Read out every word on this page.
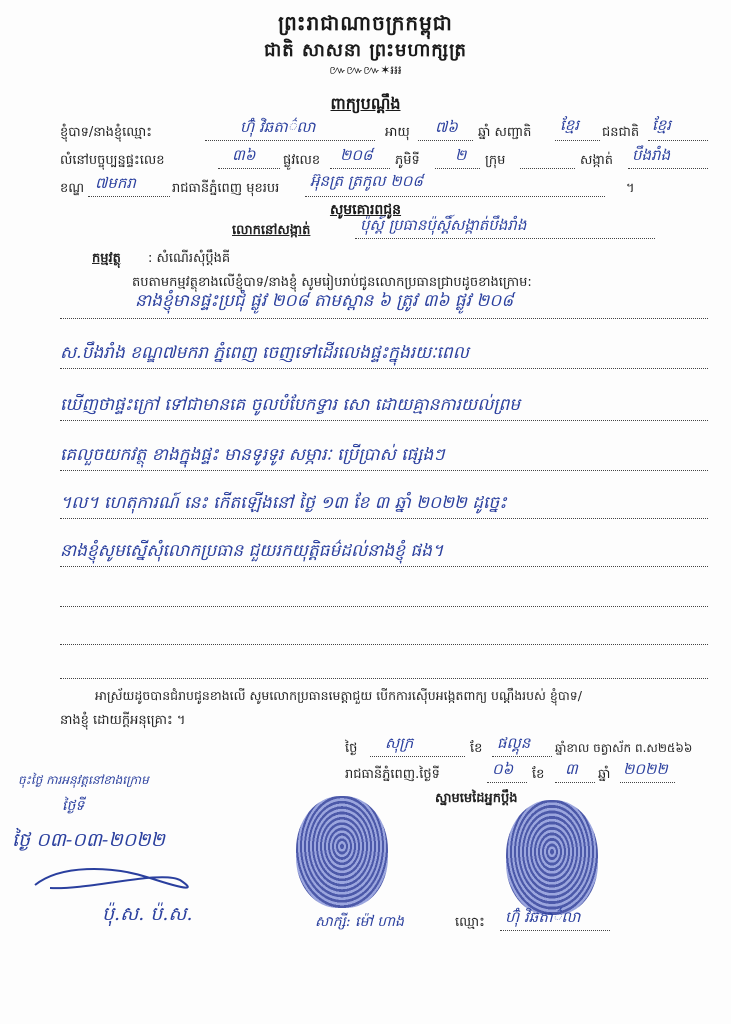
ព្រះរាជាណាចក្រកម្ពុជា
ជាតិ សាសនា ព្រះមហាក្សត្រ
៚៚៚✶៛៛៛
ពាក្យបណ្តឹង
ខ្ញុំបាទ/នាងខ្ញុំឈ្មោះ	ហ៊ុំ វិឆតា៌លា	អាយុ ៧៦ ឆ្នាំ សញ្ជាតិ ខ្មែរ ជនជាតិ ខ្មែរ
លំនៅបច្ចុប្បន្នផ្ទះលេខ	៣៦ ផ្លូវលេខ ២០៨ ភូមិទី ២ ក្រុម	សង្កាត់ បឹងរាំង
ខណ្ឌ ៧មករា	រាជធានីភ្នំពេញ មុខរបរ អ៊ុនត្រ ត្រកូល ២០៨	។
សូមគោរពជូន
លោកនៅសង្កាត់	ប៉ុស្ត៍ ប្រធានប៉ុស្តិ៍សង្កាត់បឹងរាំង
កម្មវត្ថុ : សំណើរសុំប្តឹងគី
តបតាមកម្មវត្ថុខាងលើខ្ញុំបាទ/នាងខ្ញុំ សូមរៀបរាប់ជូនលោកប្រធានជ្រាបដូចខាងក្រោម:
នាងខ្ញុំមានផ្ទះប្រជុំ ផ្លូវ ២០៨ តាមស្ពាន ៦ ត្រូវ ៣៦ ផ្លូវ ២០៨
ស.បឹងរាំង ខណ្ឌ៧មករា ភ្នំពេញ ចេញទៅដើរលេងផ្ទះក្នុងរយៈពេល
ឃើញថាផ្ទះក្រៅ ទៅជាមានគេ ចូលបំបែកទ្វារ សោ ដោយគ្មានការយល់ព្រម
គេលួចយកវត្ថុ ខាងក្នុងផ្ទះ មានទូរទូរ សម្ភារៈ ប្រើប្រាស់ ផ្សេងៗ
។ល។ ហេតុការណ៍ នេះ កើតឡើងនៅ ថ្ងៃ ១៣ ខែ ៣ ឆ្នាំ ២០២២ ដូច្នេះ
នាងខ្ញុំសូមស្នើសុំលោកប្រធាន ជួយរកយុត្តិធម៌ដល់នាងខ្ញុំ ផង។
អាស្រ័យដូចបានជំរាបជូនខាងលើ សូមលោកប្រធានមេត្តាជួយ បើកការស៊ើបអង្កេតពាក្យ បណ្តឹងរបស់ ខ្ញុំបាទ/
នាងខ្ញុំ ដោយក្តីអនុគ្រោះ ។
ថ្ងៃ សុក្រ	ខែ ផល្គុន ឆ្នាំខាល ចត្វាស័ក ព.ស២៥៦៦
រាជធានីភ្នំពេញ.ថ្ងៃទី	០៦ ខែ ៣ ឆ្នាំ ២០២២
ស្នាមមេដៃអ្នកប្តឹង
សាក្សី: ម៉ៅ ហាង	ឈ្មោះ ហ៊ុំ វិឆតា៌លា
ចុះថ្ងៃ ការអនុវត្តនៅខាងក្រោម
ថ្ងៃទី
ថ្ងៃ ០៣-០៣-២០២២
ប៉ុ.ស. ប៉.ស.
